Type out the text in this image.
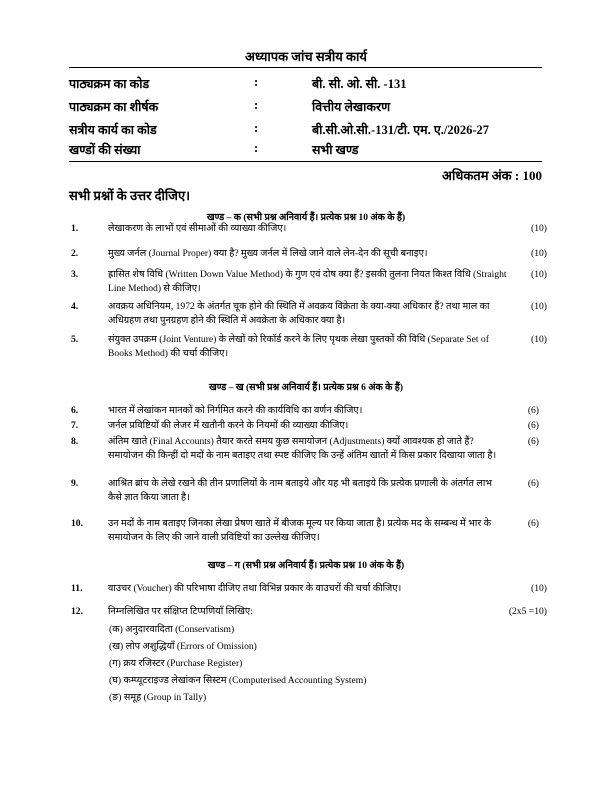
अध्यापक जांच सत्रीय कार्य
पाठ्यक्रम का कोड	:	बी. सी. ओ. सी. -131
पाठ्यक्रम का शीर्षक	:	वित्तीय लेखाकरण
सत्रीय कार्य का कोड	:	बी.सी.ओ.सी.-131/टी. एम. ए./2026-27
खण्डों की संख्या	:	सभी खण्ड
अधिकतम अंक : 100
सभी प्रश्नों के उत्तर दीजिए।
खण्ड – क (सभी प्रश्न अनिवार्य हैं। प्रत्येक प्रश्न 10 अंक के हैं)
1.	लेखाकरण के लाभों एवं सीमाओं की व्याख्या कीजिए।	(10)
2.	मुख्य जर्नल (Journal Proper) क्या है? मुख्य जर्नल में लिखे जाने वाले लेन-देन की सूची बनाइए।	(10)
3.	ह्रासित शेष विधि (Written Down Value Method) के गुण एवं दोष क्या हैं? इसकी तुलना नियत किश्त विधि (Straight Line Method) से कीजिए।
(10)
4.	अवक्रय अधिनियम, 1972 के अंतर्गत चूक होने की स्थिति में अवक्रय विक्रेता के क्या-क्या अधिकार हैं? तथा माल का अधिग्रहण तथा पुनग्रहण होने की स्थिति में अवक्रेता के अधिकार क्या है।
(10)
5.	संयुक्त उपक्रम (Joint Venture) के लेखों को रिकॉर्ड करने के लिए पृथक लेखा पुस्तकों की विधि (Separate Set of Books Method) की चर्चा कीजिए।
(10)
खण्ड – ख (सभी प्रश्न अनिवार्य हैं। प्रत्येक प्रश्न 6 अंक के हैं)
6.	भारत में लेखांकन मानकों को निर्गमित करने की कार्यविधि का वर्णन कीजिए।	(6)
7.	जर्नल प्रविष्टियों की लेजर में खतौनी करने के नियमों की व्याख्या कीजिए।	(6)
8.	अंतिम खाते (Final Accounts) तैयार करते समय कुछ समायोजन (Adjustments) क्यों आवश्यक हो जाते हैं? समायोजन की किन्हीं दो मदों के नाम बताइए तथा स्पष्ट कीजिए कि उन्हें अंतिम खातों में किस प्रकार दिखाया जाता है।
(6)
9.	आश्रित ब्रांच के लेखे रखने की तीन प्रणालियों के नाम बताइये और यह भी बताइये कि प्रत्येक प्रणाली के अंतर्गत लाभ कैसे ज्ञात किया जाता है।
(6)
10.	उन मदों के नाम बताइए जिनका लेखा प्रेषण खाते में बीजक मूल्य पर किया जाता है। प्रत्येक मद के सम्बन्ध में भार के समायोजन के लिए की जाने वाली प्रविष्टियों का उल्लेख कीजिए।
(6)
खण्ड – ग (सभी प्रश्न अनिवार्य हैं। प्रत्येक प्रश्न 10 अंक के हैं)
11.	वाउचर (Voucher) की परिभाषा दीजिए तथा विभिन्न प्रकार के वाउचरों की चर्चा कीजिए।	(10)
12.	निम्नलिखित पर संक्षिप्त टिप्पणियाँ लिखिए:	(2x5 =10)
(क) अनुदारवादिता (Conservatism)
(ख) लोप अशुद्धियाँ (Errors of Omission)
(ग) क्रय रजिस्टर (Purchase Register)
(घ) कम्प्यूटराइज्ड लेखांकन सिस्टम (Computerised Accounting System)
(ङ) समूह (Group in Tally)
